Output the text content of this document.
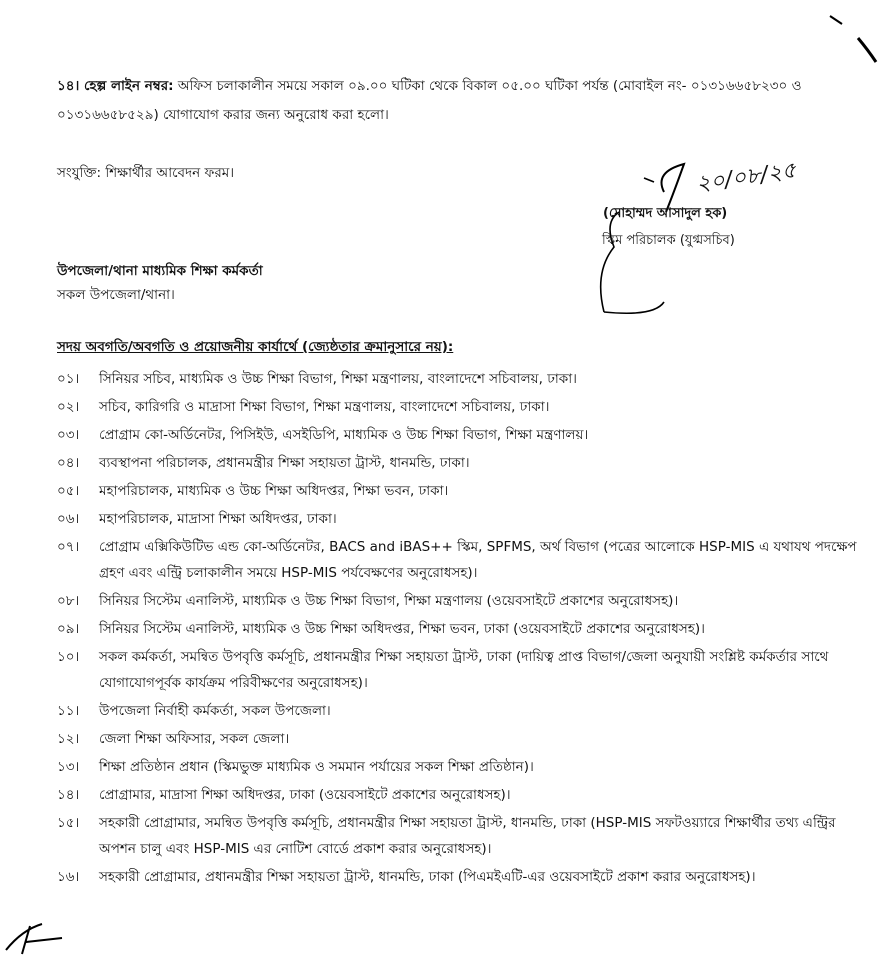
১৪। হেল্প লাইন নম্বর: অফিস চলাকালীন সময়ে সকাল ০৯.০০ ঘটিকা থেকে বিকাল ০৫.০০ ঘটিকা পর্যন্ত (মোবাইল নং- ০১৩১৬৬৫৮২৩০ ও ০১৩১৬৬৫৮৫২৯) যোগাযোগ করার জন্য অনুরোধ করা হলো।
সংযুক্তি: শিক্ষার্থীর আবেদন ফরম।	২০/০৮/২৫
(মোহাম্মদ আসাদুল হক)
স্কিম পরিচালক (যুগ্মসচিব)
উপজেলা/থানা মাধ্যমিক শিক্ষা কর্মকর্তা
সকল উপজেলা/থানা।
সদয় অবগতি/অবগতি ও প্রয়োজনীয় কার্যার্থে (জ্যেষ্ঠতার ক্রমানুসারে নয়):
০১।	সিনিয়র সচিব, মাধ্যমিক ও উচ্চ শিক্ষা বিভাগ, শিক্ষা মন্ত্রণালয়, বাংলাদেশে সচিবালয়, ঢাকা।
০২।	সচিব, কারিগরি ও মাদ্রাসা শিক্ষা বিভাগ, শিক্ষা মন্ত্রণালয়, বাংলাদেশে সচিবালয়, ঢাকা।
০৩।	প্রোগ্রাম কো-অর্ডিনেটর, পিসিইউ, এসইডিপি, মাধ্যমিক ও উচ্চ শিক্ষা বিভাগ, শিক্ষা মন্ত্রণালয়।
০৪।	ব্যবস্থাপনা পরিচালক, প্রধানমন্ত্রীর শিক্ষা সহায়তা ট্রাস্ট, ধানমন্ডি, ঢাকা।
০৫।	মহাপরিচালক, মাধ্যমিক ও উচ্চ শিক্ষা অধিদপ্তর, শিক্ষা ভবন, ঢাকা।
০৬।	মহাপরিচালক, মাদ্রাসা শিক্ষা অধিদপ্তর, ঢাকা।
০৭।	প্রোগ্রাম এক্সিকিউটিভ এন্ড কো-অর্ডিনেটর, BACS and iBAS++ স্কিম, SPFMS, অর্থ বিভাগ (পত্রের আলোকে HSP-MIS এ যথাযথ পদক্ষেপ গ্রহণ এবং এন্ট্রি চলাকালীন সময়ে HSP-MIS পর্যবেক্ষণের অনুরোধসহ)।
০৮।	সিনিয়র সিস্টেম এনালিস্ট, মাধ্যমিক ও উচ্চ শিক্ষা বিভাগ, শিক্ষা মন্ত্রণালয় (ওয়েবসাইটে প্রকাশের অনুরোধসহ)।
০৯।	সিনিয়র সিস্টেম এনালিস্ট, মাধ্যমিক ও উচ্চ শিক্ষা অধিদপ্তর, শিক্ষা ভবন, ঢাকা (ওয়েবসাইটে প্রকাশের অনুরোধসহ)।
১০।	সকল কর্মকর্তা, সমন্বিত উপবৃত্তি কর্মসূচি, প্রধানমন্ত্রীর শিক্ষা সহায়তা ট্রাস্ট, ঢাকা (দায়িত্ব প্রাপ্ত বিভাগ/জেলা অনুযায়ী সংশ্লিষ্ট কর্মকর্তার সাথে যোগাযোগপূর্বক কার্যক্রম পরিবীক্ষণের অনুরোধসহ)।
১১।	উপজেলা নির্বাহী কর্মকর্তা, সকল উপজেলা।
১২।	জেলা শিক্ষা অফিসার, সকল জেলা।
১৩।	শিক্ষা প্রতিষ্ঠান প্রধান (স্কিমভুক্ত মাধ্যমিক ও সমমান পর্যায়ের সকল শিক্ষা প্রতিষ্ঠান)।
১৪।	প্রোগ্রামার, মাদ্রাসা শিক্ষা অধিদপ্তর, ঢাকা (ওয়েবসাইটে প্রকাশের অনুরোধসহ)।
১৫।	সহকারী প্রোগ্রামার, সমন্বিত উপবৃত্তি কর্মসূচি, প্রধানমন্ত্রীর শিক্ষা সহায়তা ট্রাস্ট, ধানমন্ডি, ঢাকা (HSP-MIS সফটওয়্যারে শিক্ষার্থীর তথ্য এন্ট্রির অপশন চালু এবং HSP-MIS এর নোটিশ বোর্ডে প্রকাশ করার অনুরোধসহ)।
১৬।	সহকারী প্রোগ্রামার, প্রধানমন্ত্রীর শিক্ষা সহায়তা ট্রাস্ট, ধানমন্ডি, ঢাকা (পিএমইএটি-এর ওয়েবসাইটে প্রকাশ করার অনুরোধসহ)।
